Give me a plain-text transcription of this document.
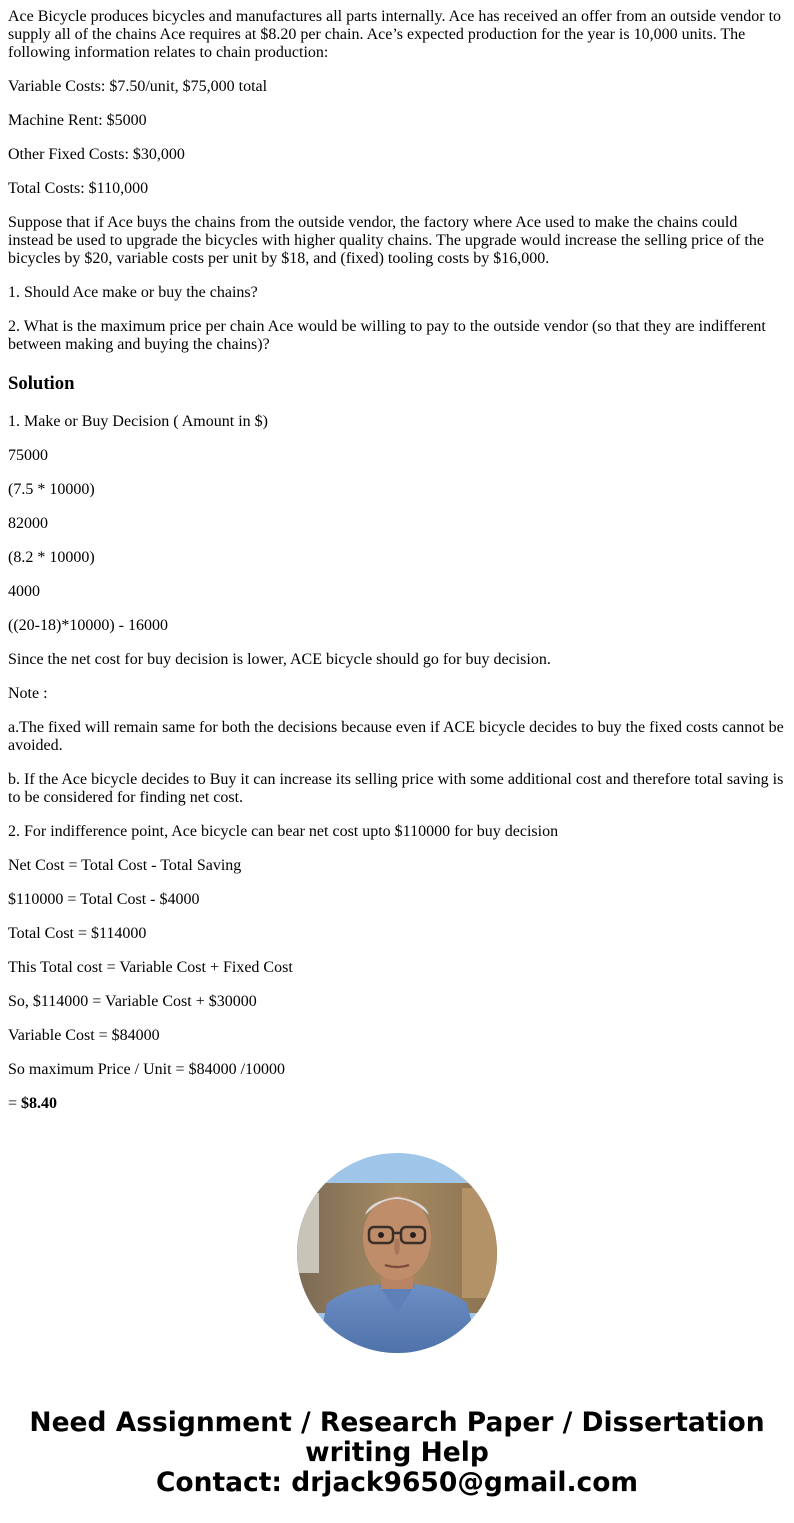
Ace Bicycle produces bicycles and manufactures all parts internally. Ace has received an offer from an outside vendor to supply all of the chains Ace requires at $8.20 per chain. Ace’s expected production for the year is 10,000 units. The following information relates to chain production:

Variable Costs: $7.50/unit, $75,000 total

Machine Rent: $5000

Other Fixed Costs: $30,000

Total Costs: $110,000

Suppose that if Ace buys the chains from the outside vendor, the factory where Ace used to make the chains could instead be used to upgrade the bicycles with higher quality chains. The upgrade would increase the selling price of the bicycles by $20, variable costs per unit by $18, and (fixed) tooling costs by $16,000.

1. Should Ace make or buy the chains?

2. What is the maximum price per chain Ace would be willing to pay to the outside vendor (so that they are indifferent between making and buying the chains)?

Solution

1. Make or Buy Decision ( Amount in $)

75000

(7.5 * 10000)

82000

(8.2 * 10000)

4000

((20-18)*10000) - 16000

Since the net cost for buy decision is lower, ACE bicycle should go for buy decision.

Note :

a.The fixed will remain same for both the decisions because even if ACE bicycle decides to buy the fixed costs cannot be avoided.

b. If the Ace bicycle decides to Buy it can increase its selling price with some additional cost and therefore total saving is to be considered for finding net cost.

2. For indifference point, Ace bicycle can bear net cost upto $110000 for buy decision

Net Cost = Total Cost - Total Saving

$110000 = Total Cost - $4000

Total Cost = $114000

This Total cost = Variable Cost + Fixed Cost

So, $114000 = Variable Cost + $30000

Variable Cost = $84000

So maximum Price / Unit = $84000 /10000

= $8.40

Need Assignment / Research Paper / Dissertation
writing Help
Contact: drjack9650@gmail.com
